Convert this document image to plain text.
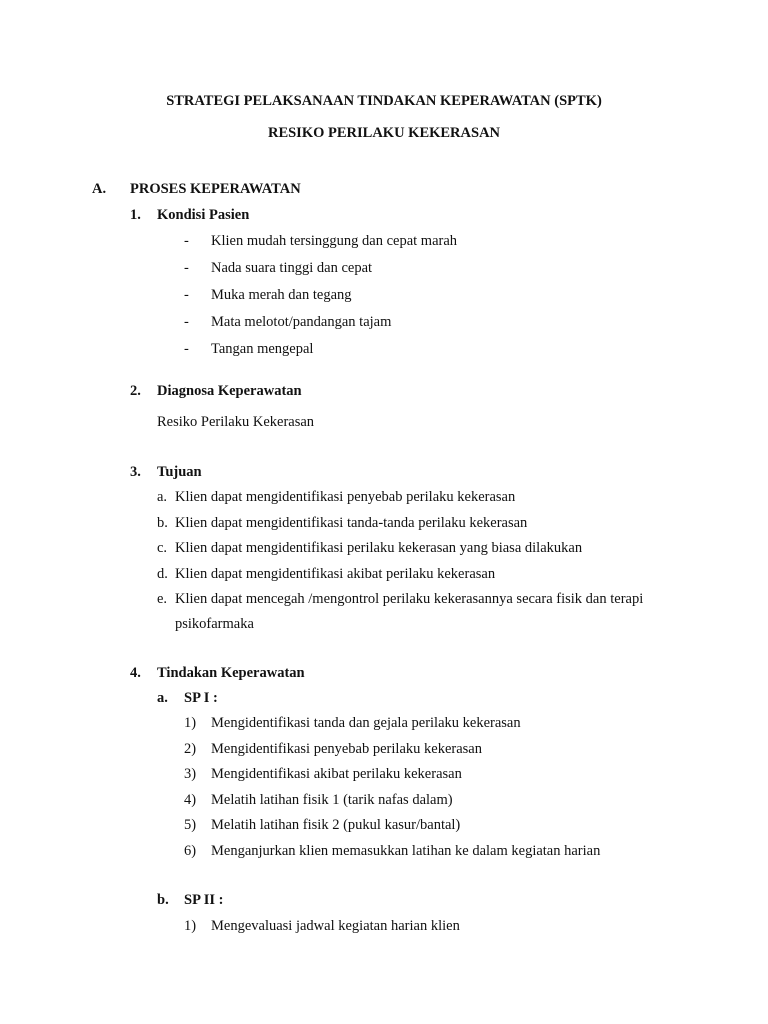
STRATEGI PELAKSANAAN TINDAKAN KEPERAWATAN (SPTK)
RESIKO PERILAKU KEKERASAN
A. PROSES KEPERAWATAN
1. Kondisi Pasien
- Klien mudah tersinggung dan cepat marah
- Nada suara tinggi dan cepat
- Muka merah dan tegang
- Mata melotot/pandangan tajam
- Tangan mengepal
2. Diagnosa Keperawatan
Resiko Perilaku Kekerasan
3. Tujuan
a. Klien dapat mengidentifikasi penyebab perilaku kekerasan
b. Klien dapat mengidentifikasi tanda-tanda perilaku kekerasan
c. Klien dapat mengidentifikasi perilaku kekerasan yang biasa dilakukan
d. Klien dapat mengidentifikasi akibat perilaku kekerasan
e. Klien dapat mencegah /mengontrol perilaku kekerasannya secara fisik dan terapi
psikofarmaka
4. Tindakan Keperawatan
a. SP I :
1) Mengidentifikasi tanda dan gejala perilaku kekerasan
2) Mengidentifikasi penyebab perilaku kekerasan
3) Mengidentifikasi akibat perilaku kekerasan
4) Melatih latihan fisik 1 (tarik nafas dalam)
5) Melatih latihan fisik 2 (pukul kasur/bantal)
6) Menganjurkan klien memasukkan latihan ke dalam kegiatan harian
b. SP II :
1) Mengevaluasi jadwal kegiatan harian klien
